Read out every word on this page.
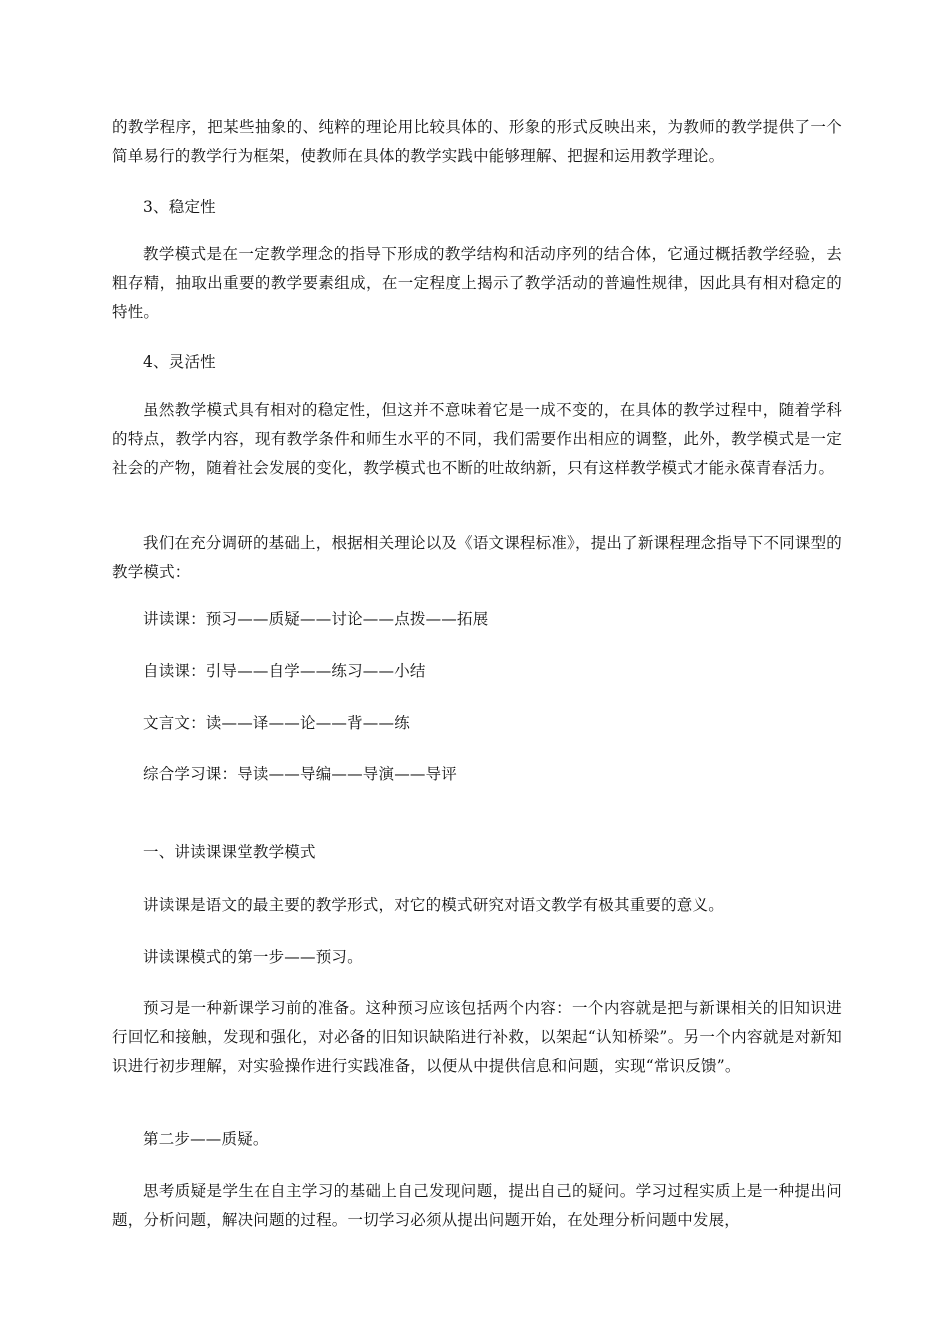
的教学程序，把某些抽象的、纯粹的理论用比较具体的、形象的形式反映出来，为教师的教学提供了一个简单易行的教学行为框架，使教师在具体的教学实践中能够理解、把握和运用教学理论。

3、稳定性

教学模式是在一定教学理念的指导下形成的教学结构和活动序列的结合体，它通过概括教学经验，去粗存精，抽取出重要的教学要素组成，在一定程度上揭示了教学活动的普遍性规律，因此具有相对稳定的特性。

4、灵活性

虽然教学模式具有相对的稳定性，但这并不意味着它是一成不变的，在具体的教学过程中，随着学科的特点，教学内容，现有教学条件和师生水平的不同，我们需要作出相应的调整，此外，教学模式是一定社会的产物，随着社会发展的变化，教学模式也不断的吐故纳新，只有这样教学模式才能永葆青春活力。

我们在充分调研的基础上，根据相关理论以及《语文课程标准》，提出了新课程理念指导下不同课型的教学模式：

讲读课：预习——质疑——讨论——点拨——拓展

自读课：引导——自学——练习——小结

文言文：读——译——论——背——练

综合学习课：导读——导编——导演——导评

一、讲读课课堂教学模式

讲读课是语文的最主要的教学形式，对它的模式研究对语文教学有极其重要的意义。

讲读课模式的第一步——预习。

预习是一种新课学习前的准备。这种预习应该包括两个内容：一个内容就是把与新课相关的旧知识进行回忆和接触，发现和强化，对必备的旧知识缺陷进行补救，以架起“认知桥梁”。另一个内容就是对新知识进行初步理解，对实验操作进行实践准备，以便从中提供信息和问题，实现“常识反馈”。

第二步——质疑。

思考质疑是学生在自主学习的基础上自己发现问题，提出自己的疑问。学习过程实质上是一种提出问题，分析问题，解决问题的过程。一切学习必须从提出问题开始，在处理分析问题中发展，
